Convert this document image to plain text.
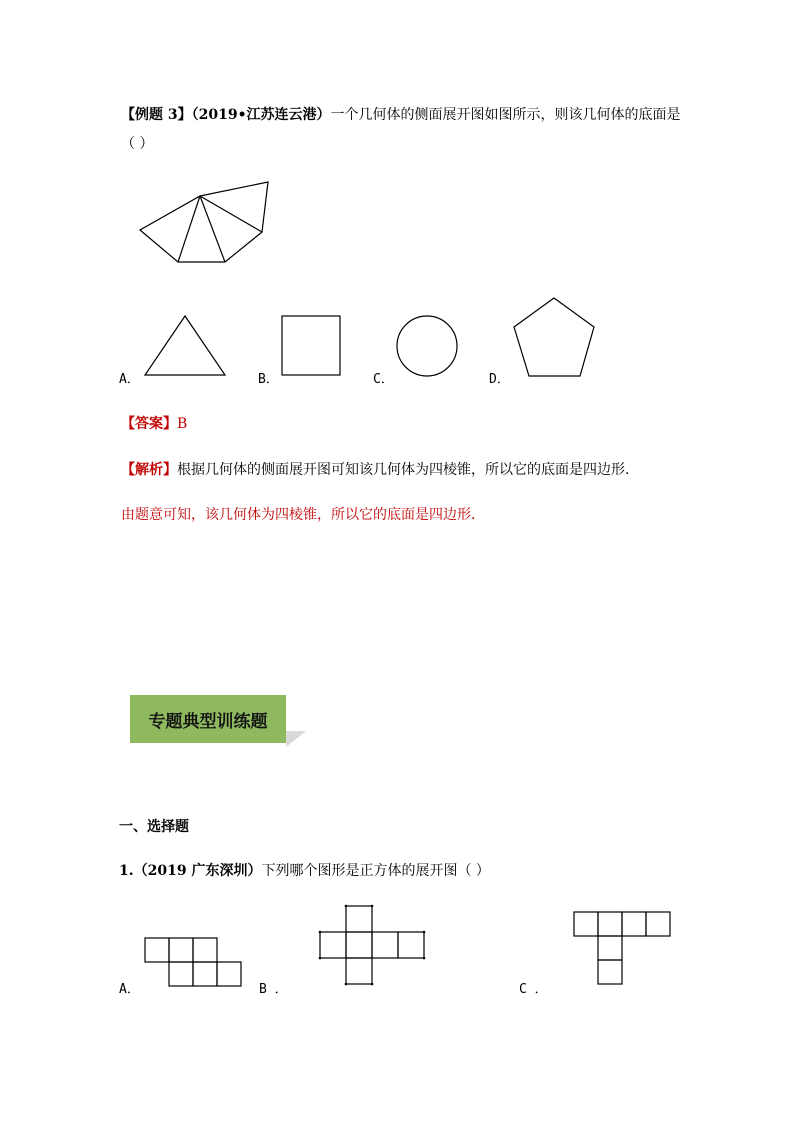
【例题 3】（2019•江苏连云港）一个几何体的侧面展开图如图所示，则该几何体的底面是
（ ）
A．	B．	C．	D．
【答案】B
【解析】根据几何体的侧面展开图可知该几何体为四棱锥，所以它的底面是四边形．
由题意可知，该几何体为四棱锥，所以它的底面是四边形．
专题典型训练题
一、选择题
1.（2019 广东深圳）下列哪个图形是正方体的展开图（ ）
A．	B ．	C ．
